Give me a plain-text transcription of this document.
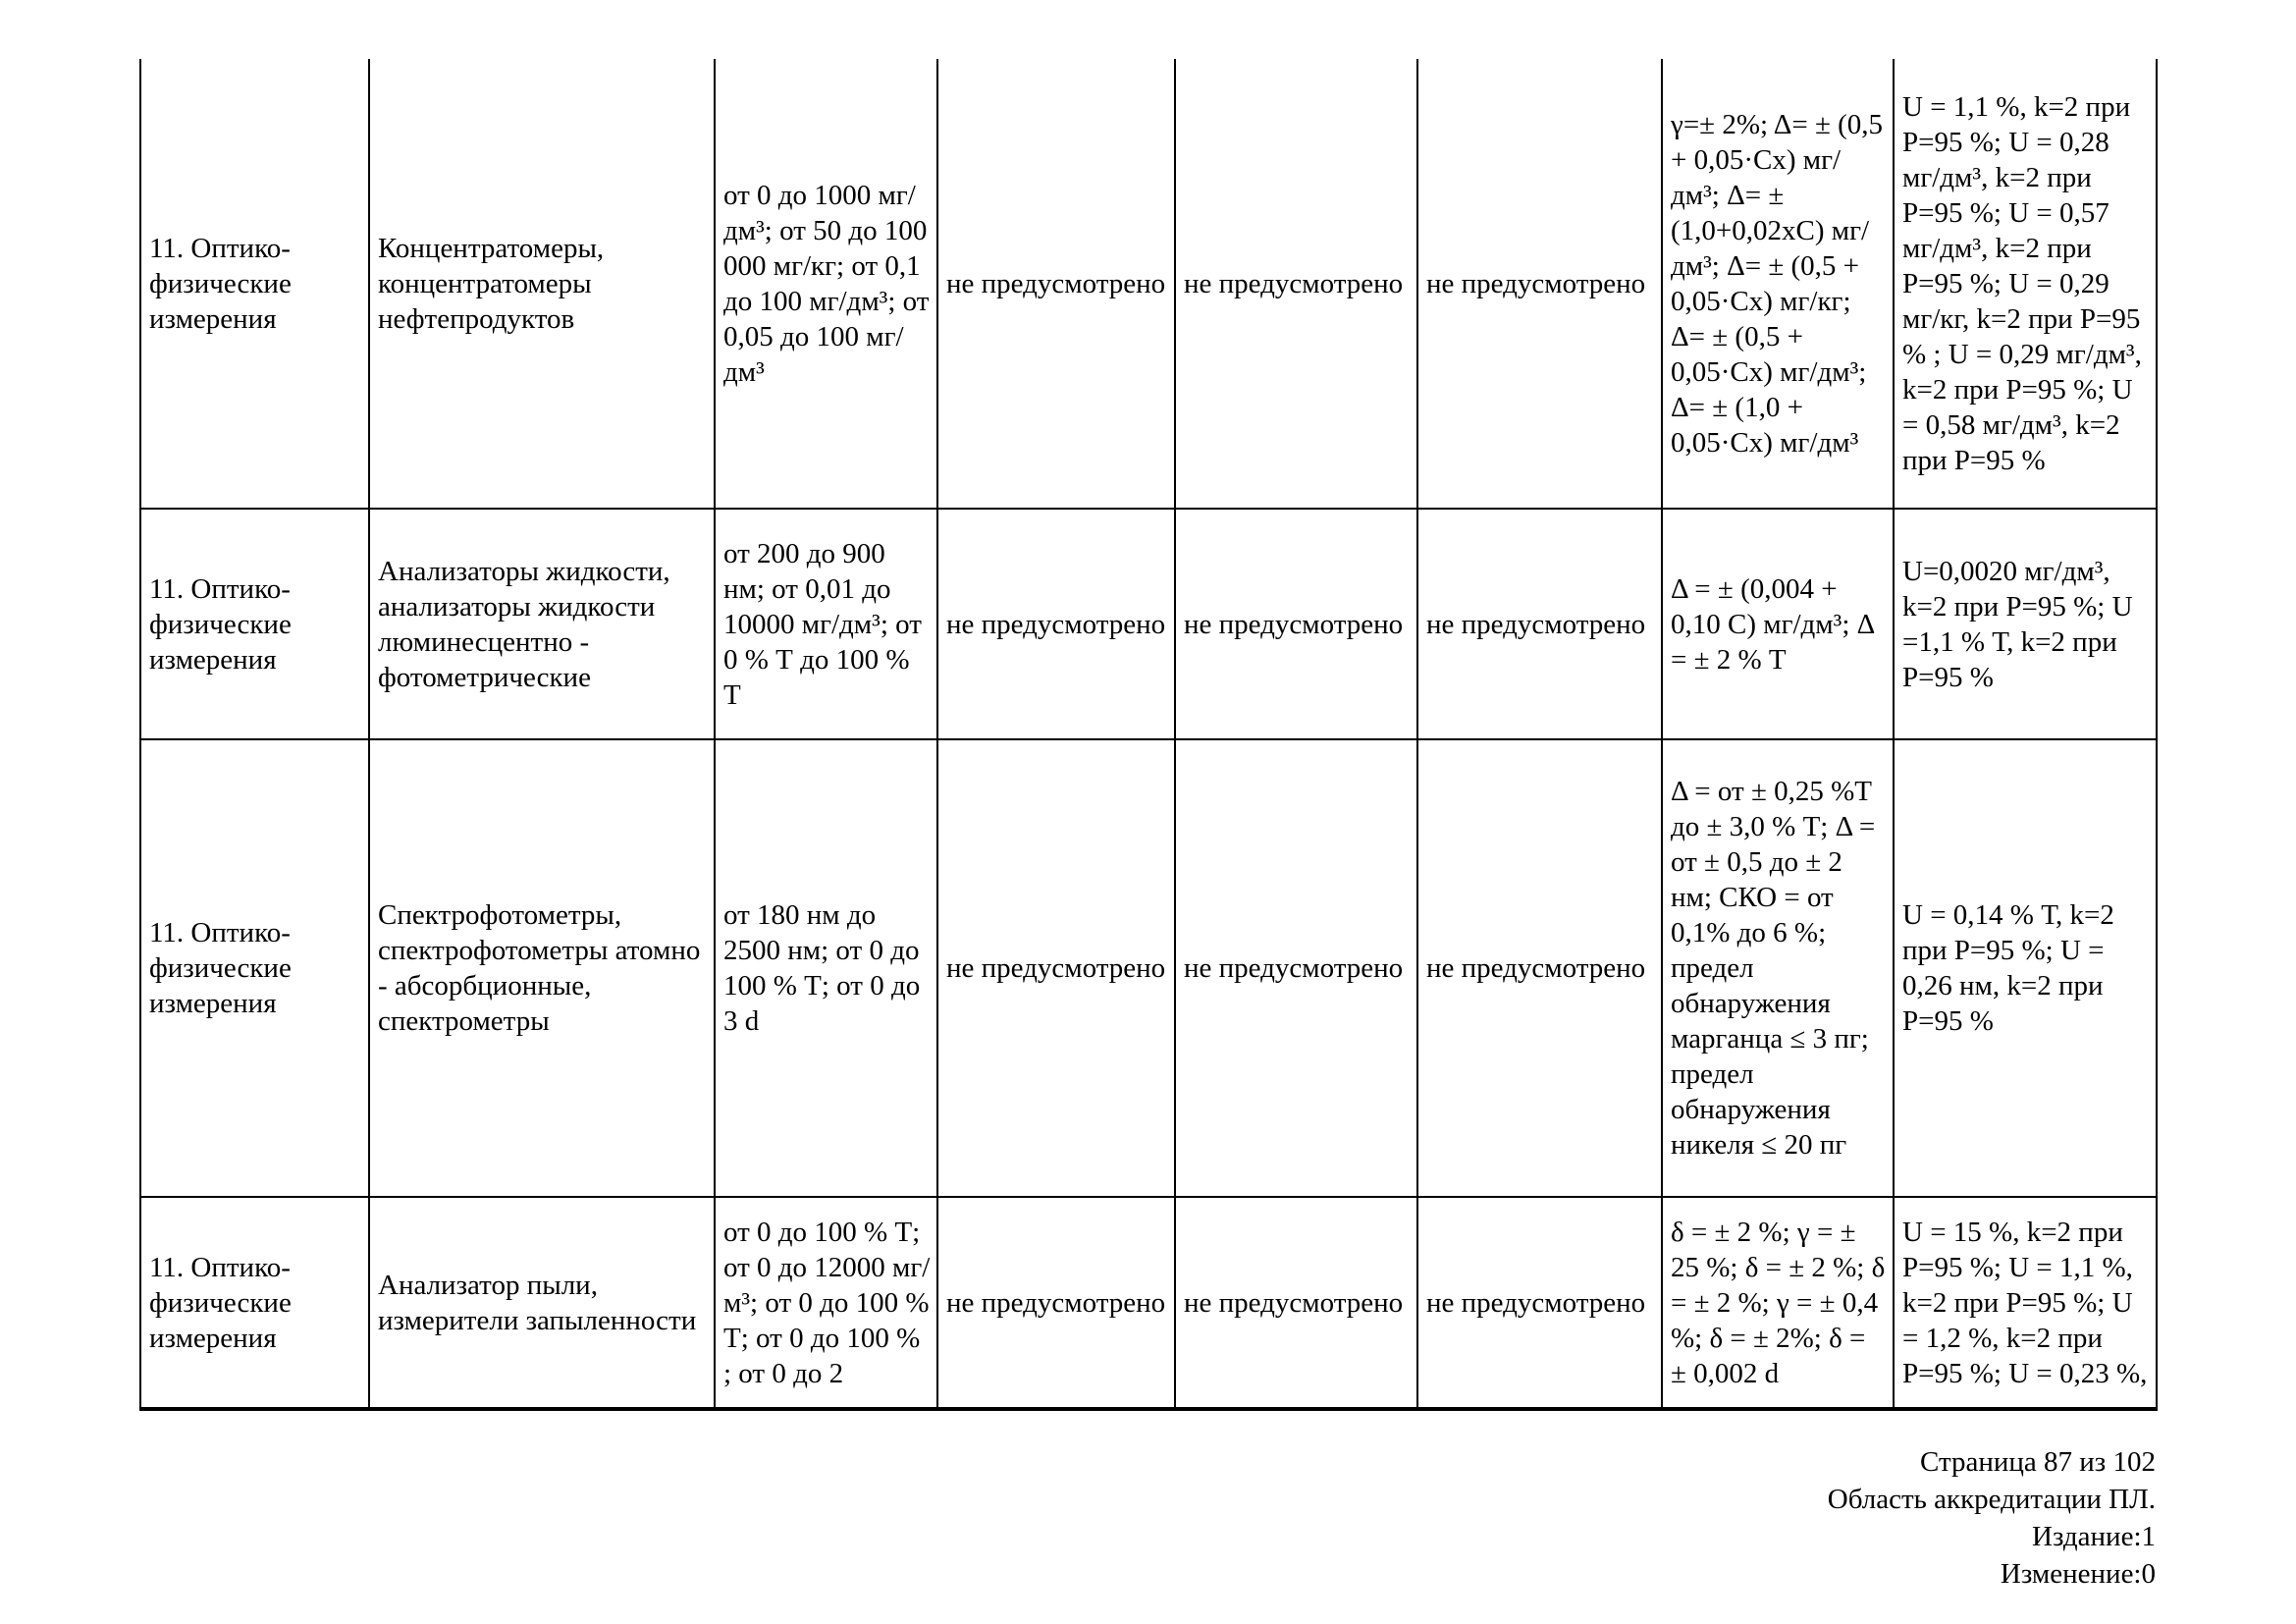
11. Оптико-физические измерения	Концентратомеры, концентратомеры нефтепродуктов	от 0 до 1000 мг/дм³; от 50 до 100 000 мг/кг; от 0,1 до 100 мг/дм³; от 0,05 до 100 мг/дм³	не предусмотрено	не предусмотрено	не предусмотрено	γ=± 2%; Δ= ± (0,5 + 0,05·Сх) мг/дм³; Δ= ± (1,0+0,02хС) мг/дм³; Δ= ± (0,5 + 0,05·Сх) мг/кг; Δ= ± (0,5 + 0,05·Сх) мг/дм³; Δ= ± (1,0 + 0,05·Сх) мг/дм³	U = 1,1 %, k=2 при Р=95 %; U = 0,28 мг/дм³, k=2 при Р=95 %; U = 0,57 мг/дм³, k=2 при Р=95 %; U = 0,29 мг/кг, k=2 при Р=95 % ; U = 0,29 мг/дм³, k=2 при Р=95 %; U = 0,58 мг/дм³, k=2 при Р=95 %
11. Оптико-физические измерения	Анализаторы жидкости, анализаторы жидкости люминесцентно - фотометрические	от 200 до 900 нм; от 0,01 до 10000 мг/дм³; от 0 % Т до 100 % Т	не предусмотрено	не предусмотрено	не предусмотрено	Δ = ± (0,004 + 0,10 С) мг/дм³; Δ = ± 2 % Т	U=0,0020 мг/дм³, k=2 при Р=95 %; U =1,1 % Т, k=2 при Р=95 %
11. Оптико-физические измерения	Спектрофотометры, спектрофотометры атомно - абсорбционные, спектрометры	от 180 нм до 2500 нм; от 0 до 100 % Т; от 0 до 3 d	не предусмотрено	не предусмотрено	не предусмотрено	Δ = от ± 0,25 %Т до ± 3,0 % Т; Δ = от ± 0,5 до ± 2 нм; СКО = от 0,1% до 6 %; предел обнаружения марганца ≤ 3 пг; предел обнаружения никеля ≤ 20 пг	U = 0,14 % Т, k=2 при Р=95 %; U = 0,26 нм, k=2 при Р=95 %
11. Оптико-физические измерения	Анализатор пыли, измерители запыленности	от 0 до 100 % Т; от 0 до 12000 мг/м³; от 0 до 100 % Т; от 0 до 100 % ; от 0 до 2	не предусмотрено	не предусмотрено	не предусмотрено	δ = ± 2 %; γ = ± 25 %; δ = ± 2 %; δ = ± 2 %; γ = ± 0,4 %; δ = ± 2%; δ = ± 0,002 d	U = 15 %, k=2 при Р=95 %; U = 1,1 %, k=2 при Р=95 %; U = 1,2 %, k=2 при Р=95 %; U = 0,23 %,
Страница 87 из 102
Область аккредитации ПЛ.
Издание:1
Изменение:0
